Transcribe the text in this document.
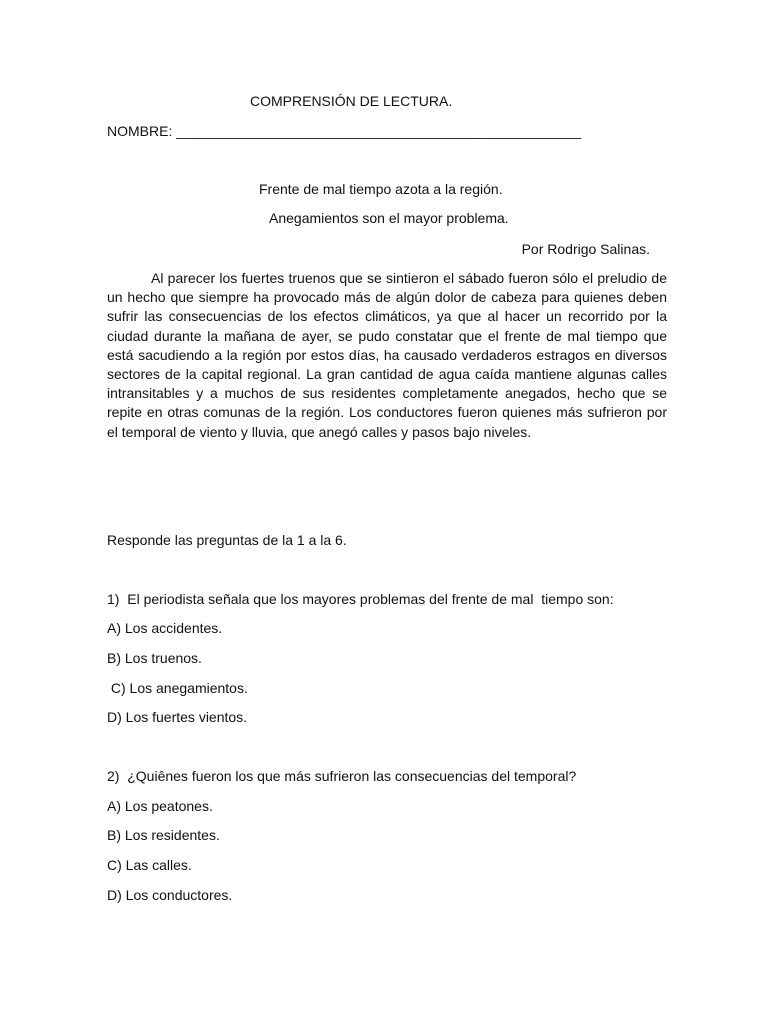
COMPRENSIÓN DE LECTURA.
NOMBRE: ____________________________________________________
Frente de mal tiempo azota a la región.
Anegamientos son el mayor problema.
Por Rodrigo Salinas.
Al parecer los fuertes truenos que se sintieron el sábado fueron sólo el preludio de un hecho que siempre ha provocado más de algún dolor de cabeza para quienes deben sufrir las consecuencias de los efectos climáticos, ya que al hacer un recorrido por la ciudad durante la mañana de ayer, se pudo constatar que el frente de mal tiempo que está sacudiendo a la región por estos días, ha causado verdaderos estragos en diversos sectores de la capital regional. La gran cantidad de agua caída mantiene algunas calles intransitables y a muchos de sus residentes completamente anegados, hecho que se repite en otras comunas de la región. Los conductores fueron quienes más sufrieron por el temporal de viento y lluvia, que anegó calles y pasos bajo niveles.
Responde las preguntas de la 1 a la 6.
1)  El periodista señala que los mayores problemas del frente de mal  tiempo son:
A) Los accidentes.
B) Los truenos.
C) Los anegamientos.
D) Los fuertes vientos.
2)  ¿Quiênes fueron los que más sufrieron las consecuencias del temporal?
A) Los peatones.
B) Los residentes.
C) Las calles.
D) Los conductores.
